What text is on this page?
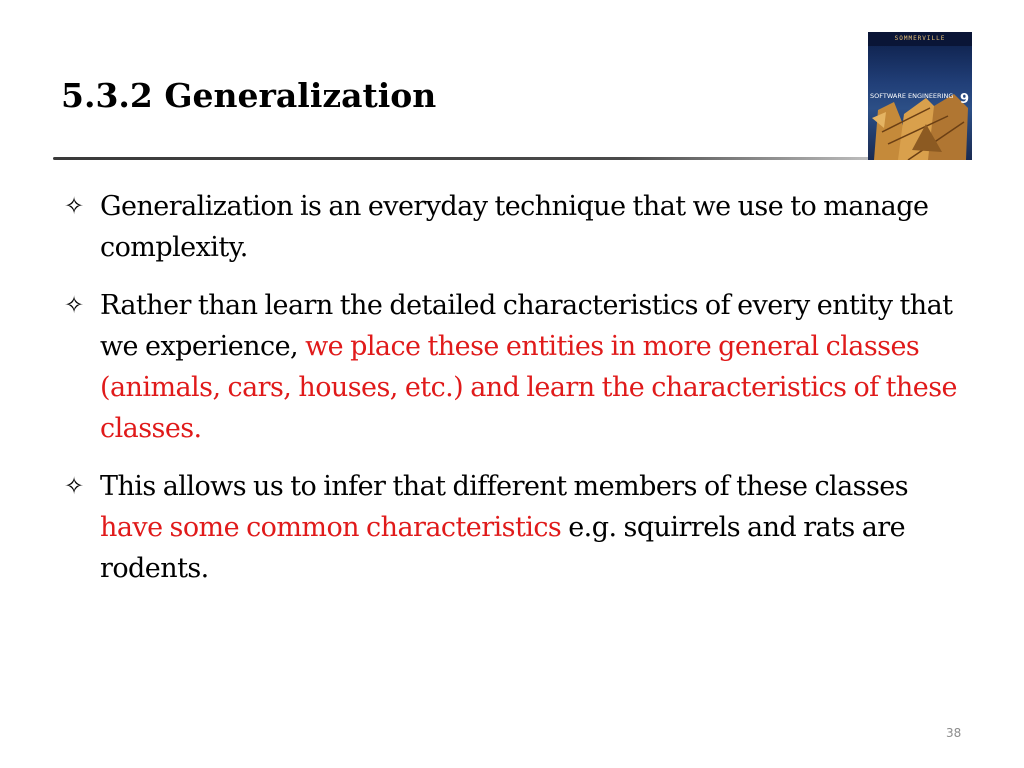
5.3.2 Generalization
SOMMERVILLE
SOFTWARE ENGINEERING 9
✧ Generalization is an everyday technique that we use to manage complexity.
✧ Rather than learn the detailed characteristics of every entity that we experience, we place these entities in more general classes (animals, cars, houses, etc.) and learn the characteristics of these classes.
✧ This allows us to infer that different members of these classes have some common characteristics e.g. squirrels and rats are rodents.
38
